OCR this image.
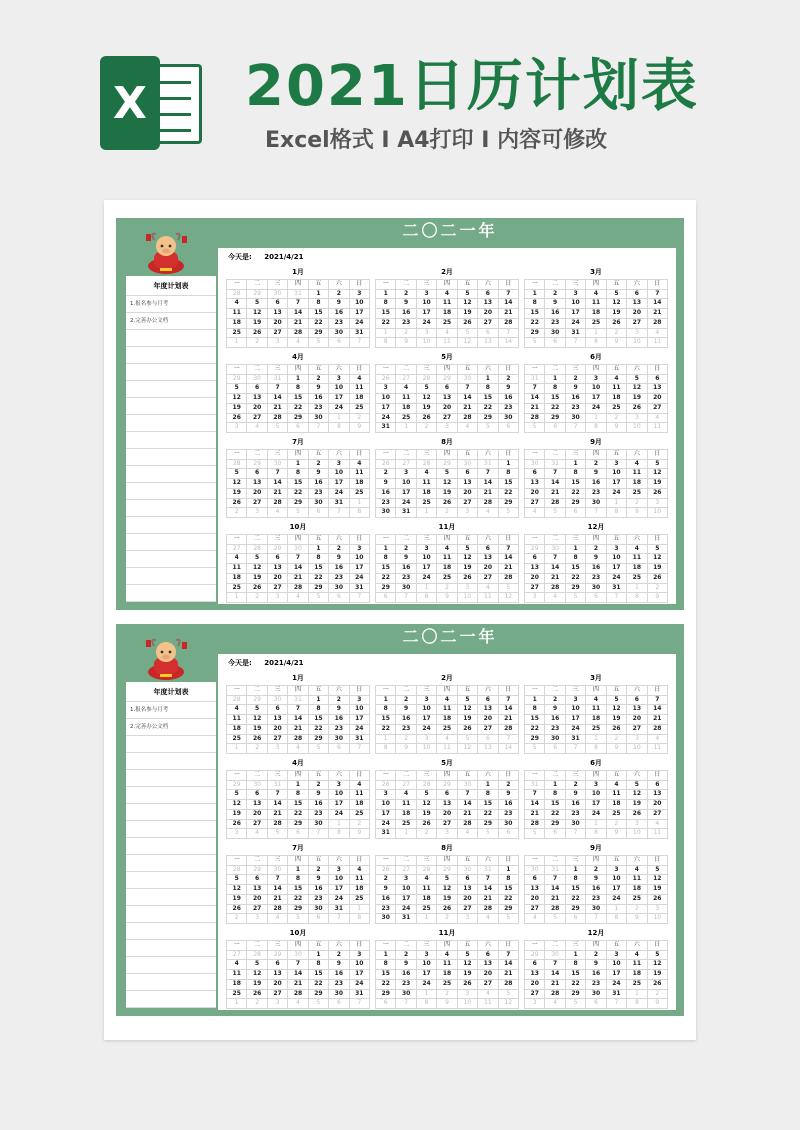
X 2021日历计划表
Excel格式 I A4打印 I 内容可修改
二〇二一年
年度计划表
1.报名参与月考
2.完善办公文档
今天是: 2021/4/21
1月
一	二	三	四	五	六	日
28	29	30	31	1	2	3
4	5	6	7	8	9	10
11	12	13	14	15	16	17
18	19	20	21	22	23	24
25	26	27	28	29	30	31
1	2	3	4	5	6	7
2月
一	二	三	四	五	六	日
1	2	3	4	5	6	7
8	9	10	11	12	13	14
15	16	17	18	19	20	21
22	23	24	25	26	27	28
1	2	3	4	5	6	7
8	9	10	11	12	13	14
3月
一	二	三	四	五	六	日
1	2	3	4	5	6	7
8	9	10	11	12	13	14
15	16	17	18	19	20	21
22	23	24	25	26	27	28
29	30	31	1	2	3	4
5	6	7	8	9	10	11
4月
一	二	三	四	五	六	日
29	30	31	1	2	3	4
5	6	7	8	9	10	11
12	13	14	15	16	17	18
19	20	21	22	23	24	25
26	27	28	29	30	1	2
3	4	5	6	7	8	9
5月
一	二	三	四	五	六	日
26	27	28	29	30	1	2
3	4	5	6	7	8	9
10	11	12	13	14	15	16
17	18	19	20	21	22	23
24	25	26	27	28	29	30
31	1	2	3	4	5	6
6月
一	二	三	四	五	六	日
31	1	2	3	4	5	6
7	8	9	10	11	12	13
14	15	16	17	18	19	20
21	22	23	24	25	26	27
28	29	30	1	2	3	4
5	6	7	8	9	10	11
7月
一	二	三	四	五	六	日
28	29	30	1	2	3	4
5	6	7	8	9	10	11
12	13	14	15	16	17	18
19	20	21	22	23	24	25
26	27	28	29	30	31	1
2	3	4	5	6	7	8
8月
一	二	三	四	五	六	日
26	27	28	29	30	31	1
2	3	4	5	6	7	8
9	10	11	12	13	14	15
16	17	18	19	20	21	22
23	24	25	26	27	28	29
30	31	1	2	3	4	5
9月
一	二	三	四	五	六	日
30	31	1	2	3	4	5
6	7	8	9	10	11	12
13	14	15	16	17	18	19
20	21	22	23	24	25	26
27	28	29	30	1	2	3
4	5	6	7	8	9	10
10月
一	二	三	四	五	六	日
27	28	29	30	1	2	3
4	5	6	7	8	9	10
11	12	13	14	15	16	17
18	19	20	21	22	23	24
25	26	27	28	29	30	31
1	2	3	4	5	6	7
11月
一	二	三	四	五	六	日
1	2	3	4	5	6	7
8	9	10	11	12	13	14
15	16	17	18	19	20	21
22	23	24	25	26	27	28
29	30	1	2	3	4	5
6	7	8	9	10	11	12
12月
一	二	三	四	五	六	日
29	30	1	2	3	4	5
6	7	8	9	10	11	12
13	14	15	16	17	18	19
20	21	22	23	24	25	26
27	28	29	30	31	1	2
3	4	5	6	7	8	9
二〇二一年
年度计划表
1.报名参与月考
2.完善办公文档
今天是: 2021/4/21
1月
一	二	三	四	五	六	日
28	29	30	31	1	2	3
4	5	6	7	8	9	10
11	12	13	14	15	16	17
18	19	20	21	22	23	24
25	26	27	28	29	30	31
1	2	3	4	5	6	7
2月
一	二	三	四	五	六	日
1	2	3	4	5	6	7
8	9	10	11	12	13	14
15	16	17	18	19	20	21
22	23	24	25	26	27	28
1	2	3	4	5	6	7
8	9	10	11	12	13	14
3月
一	二	三	四	五	六	日
1	2	3	4	5	6	7
8	9	10	11	12	13	14
15	16	17	18	19	20	21
22	23	24	25	26	27	28
29	30	31	1	2	3	4
5	6	7	8	9	10	11
4月
一	二	三	四	五	六	日
29	30	31	1	2	3	4
5	6	7	8	9	10	11
12	13	14	15	16	17	18
19	20	21	22	23	24	25
26	27	28	29	30	1	2
3	4	5	6	7	8	9
5月
一	二	三	四	五	六	日
26	27	28	29	30	1	2
3	4	5	6	7	8	9
10	11	12	13	14	15	16
17	18	19	20	21	22	23
24	25	26	27	28	29	30
31	1	2	3	4	5	6
6月
一	二	三	四	五	六	日
31	1	2	3	4	5	6
7	8	9	10	11	12	13
14	15	16	17	18	19	20
21	22	23	24	25	26	27
28	29	30	1	2	3	4
5	6	7	8	9	10	11
7月
一	二	三	四	五	六	日
28	29	30	1	2	3	4
5	6	7	8	9	10	11
12	13	14	15	16	17	18
19	20	21	22	23	24	25
26	27	28	29	30	31	1
2	3	4	5	6	7	8
8月
一	二	三	四	五	六	日
26	27	28	29	30	31	1
2	3	4	5	6	7	8
9	10	11	12	13	14	15
16	17	18	19	20	21	22
23	24	25	26	27	28	29
30	31	1	2	3	4	5
9月
一	二	三	四	五	六	日
30	31	1	2	3	4	5
6	7	8	9	10	11	12
13	14	15	16	17	18	19
20	21	22	23	24	25	26
27	28	29	30	1	2	3
4	5	6	7	8	9	10
10月
一	二	三	四	五	六	日
27	28	29	30	1	2	3
4	5	6	7	8	9	10
11	12	13	14	15	16	17
18	19	20	21	22	23	24
25	26	27	28	29	30	31
1	2	3	4	5	6	7
11月
一	二	三	四	五	六	日
1	2	3	4	5	6	7
8	9	10	11	12	13	14
15	16	17	18	19	20	21
22	23	24	25	26	27	28
29	30	1	2	3	4	5
6	7	8	9	10	11	12
12月
一	二	三	四	五	六	日
29	30	1	2	3	4	5
6	7	8	9	10	11	12
13	14	15	16	17	18	19
20	21	22	23	24	25	26
27	28	29	30	31	1	2
3	4	5	6	7	8	9
